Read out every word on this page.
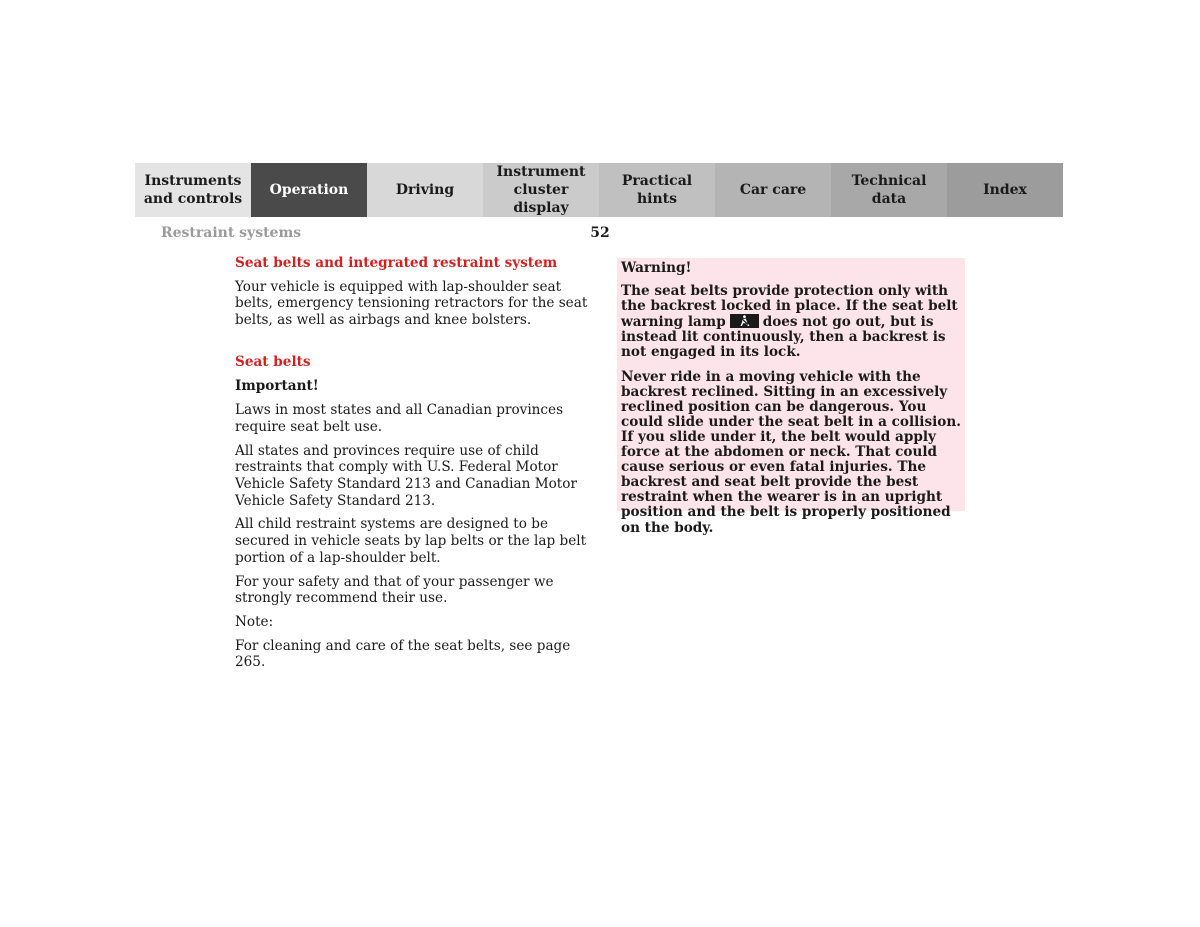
Instruments
and controls
Operation	Driving
Instrument
cluster display
Practical hints
Car care
Technical
data
Index
Restraint systems	52

Seat belts and integrated restraint system

Your vehicle is equipped with lap-shoulder seat belts, emergency tensioning retractors for the seat belts, as well as airbags and knee bolsters.

Seat belts

Important!

Laws in most states and all Canadian provinces require seat belt use.

All states and provinces require use of child restraints that comply with U.S. Federal Motor Vehicle Safety Standard 213 and Canadian Motor Vehicle Safety Standard 213.

All child restraint systems are designed to be secured in vehicle seats by lap belts or the lap belt portion of a lap-shoulder belt.

For your safety and that of your passenger we strongly recommend their use.

Note:

For cleaning and care of the seat belts, see page 265.

Warning!

The seat belts provide protection only with the backrest locked in place. If the seat belt warning lamp	does not go out, but is instead lit continuously, then a backrest is not engaged in its lock.

Never ride in a moving vehicle with the backrest reclined. Sitting in an excessively reclined position can be dangerous. You could slide under the seat belt in a collision. If you slide under it, the belt would apply force at the abdomen or neck. That could cause serious or even fatal injuries. The backrest and seat belt provide the best restraint when the wearer is in an upright position and the belt is properly positioned on the body.
